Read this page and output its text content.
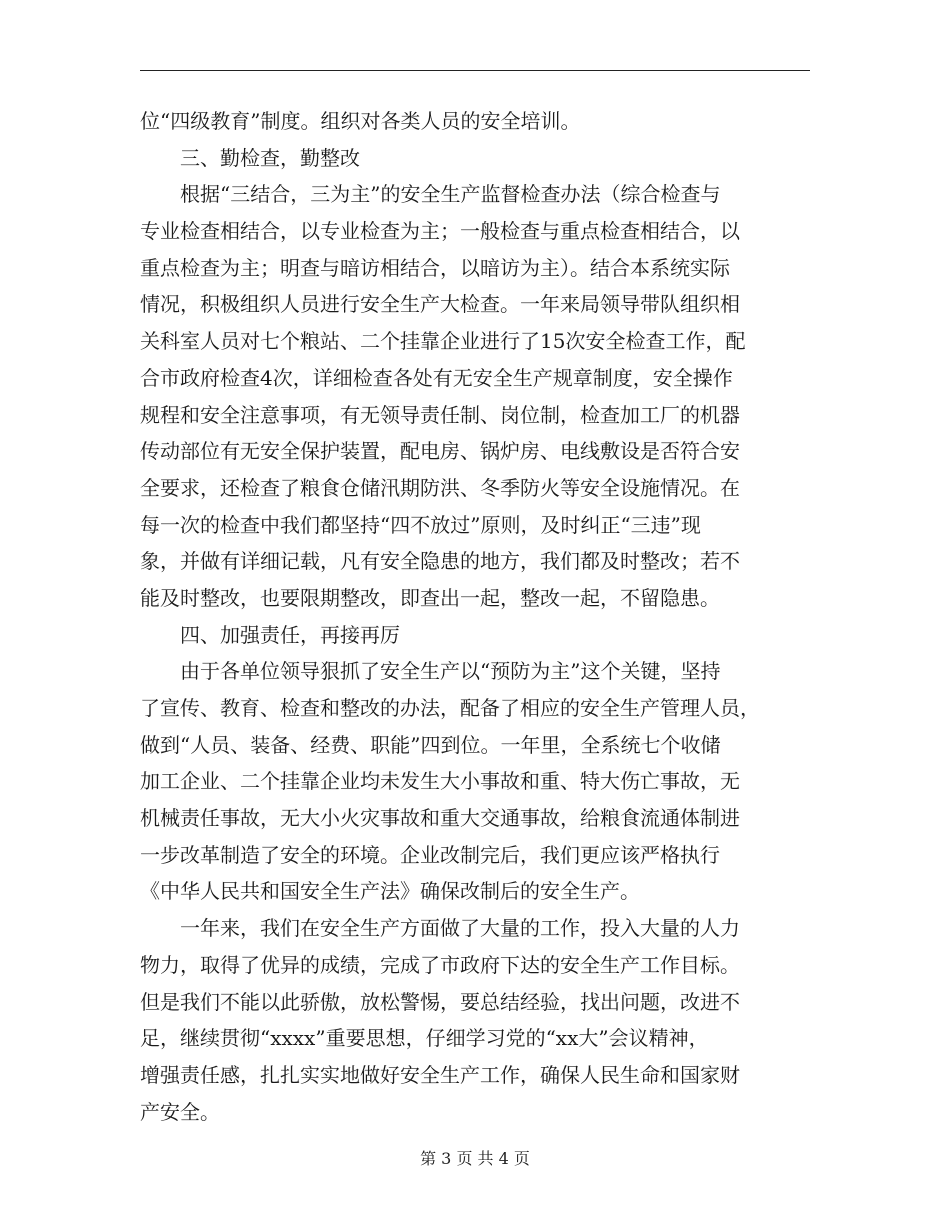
位“四级教育”制度。组织对各类人员的安全培训。
三、勤检查，勤整改
根据“三结合，三为主”的安全生产监督检查办法（综合检查与
专业检查相结合，以专业检查为主；一般检查与重点检查相结合，以
重点检查为主；明查与暗访相结合，以暗访为主）。结合本系统实际
情况，积极组织人员进行安全生产大检查。一年来局领导带队组织相
关科室人员对七个粮站、二个挂靠企业进行了15次安全检查工作，配
合市政府检查4次，详细检查各处有无安全生产规章制度，安全操作
规程和安全注意事项，有无领导责任制、岗位制，检查加工厂的机器
传动部位有无安全保护装置，配电房、锅炉房、电线敷设是否符合安
全要求，还检查了粮食仓储汛期防洪、冬季防火等安全设施情况。在
每一次的检查中我们都坚持“四不放过”原则，及时纠正“三违”现
象，并做有详细记载，凡有安全隐患的地方，我们都及时整改；若不
能及时整改，也要限期整改，即查出一起，整改一起，不留隐患。
四、加强责任，再接再厉
由于各单位领导狠抓了安全生产以“预防为主”这个关键，坚持
了宣传、教育、检查和整改的办法，配备了相应的安全生产管理人员，
做到“人员、装备、经费、职能”四到位。一年里，全系统七个收储
加工企业、二个挂靠企业均未发生大小事故和重、特大伤亡事故，无
机械责任事故，无大小火灾事故和重大交通事故，给粮食流通体制进
一步改革制造了安全的环境。企业改制完后，我们更应该严格执行
《中华人民共和国安全生产法》确保改制后的安全生产。
一年来，我们在安全生产方面做了大量的工作，投入大量的人力
物力，取得了优异的成绩，完成了市政府下达的安全生产工作目标。
但是我们不能以此骄傲，放松警惕，要总结经验，找出问题，改进不
足，继续贯彻“xxxx”重要思想，仔细学习党的“xx大”会议精神，
增强责任感，扎扎实实地做好安全生产工作，确保人民生命和国家财
产安全。
第 3 页 共 4 页
